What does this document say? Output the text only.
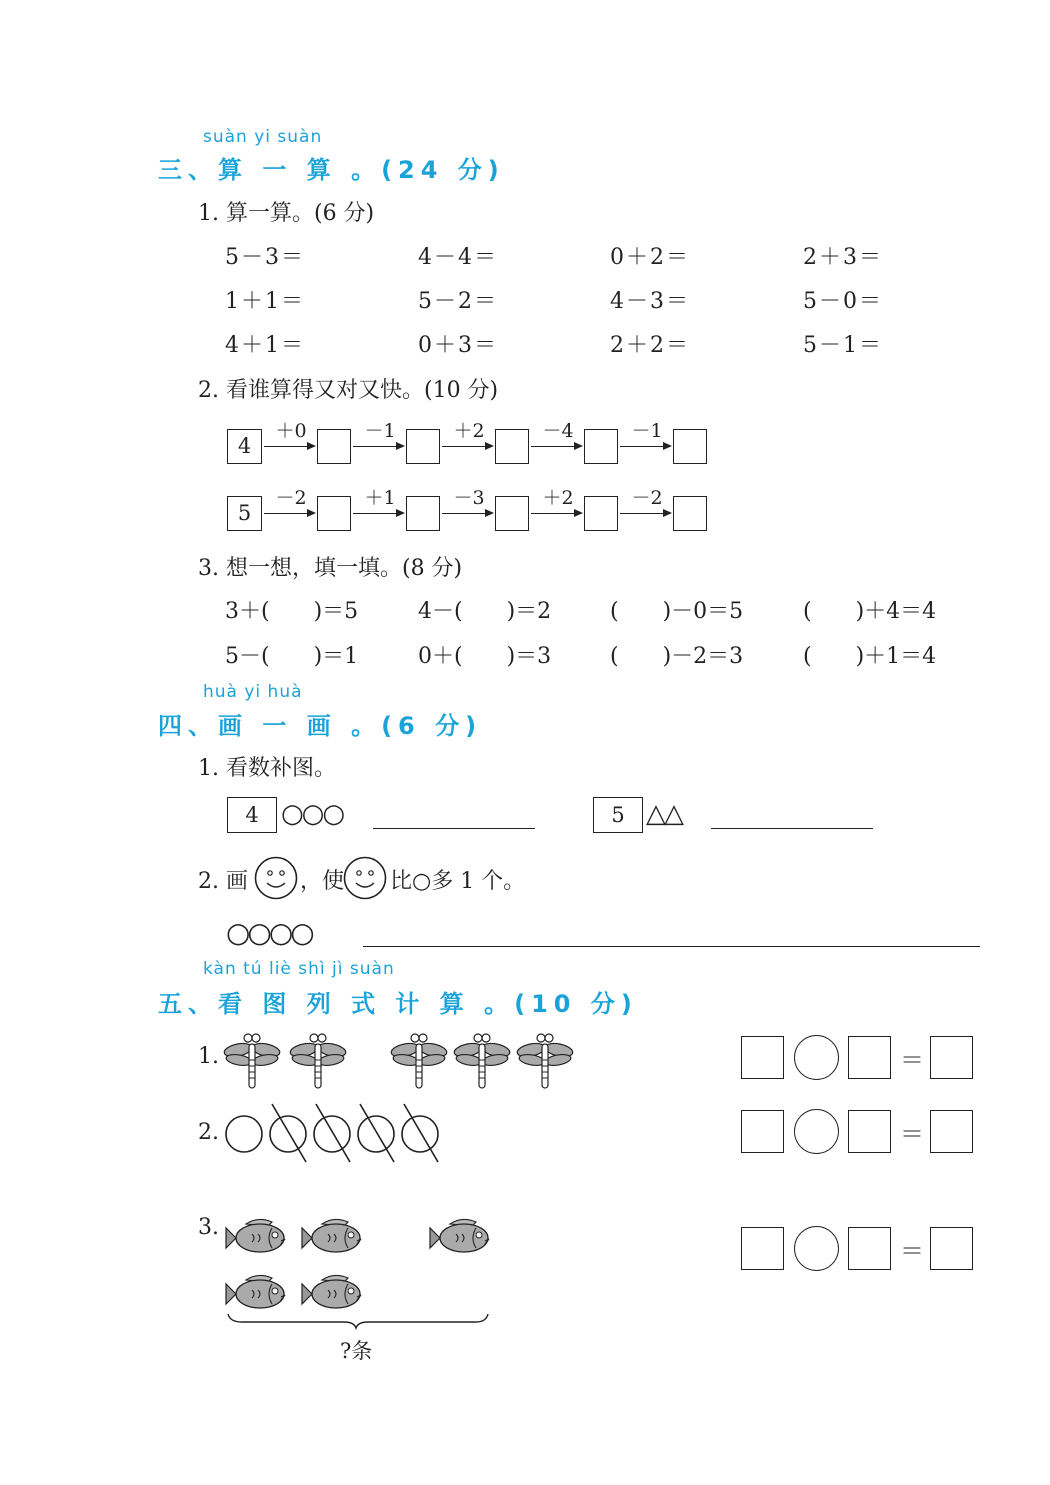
suàn yi suàn
三、算 一 算 。(24 分)
1. 算一算。(6 分)
5－3＝	4－4＝	0＋2＝	2＋3＝
1＋1＝	5－2＝	4－3＝	5－0＝
4＋1＝	0＋3＝	2＋2＝	5－1＝
2. 看谁算得又对又快。(10 分)
4
＋0	－1	＋2	－4	－1
5
－2	＋1	－3	＋2	－2
3. 想一想，填一填。(8 分)
3＋(　　)＝5	4－(　　)＝2	(　　)－0＝5	(　　)＋4＝4
5－(　　)＝1	0＋(　　)＝3	(　　)－2＝3	(　　)＋1＝4
huà yi huà
四、画 一 画 。(6 分)
1. 看数补图。
4 ○○○	5 △△
2. 画 ，使 比○多 1 个。
○○○○
kàn tú liè shì jì suàn
五、看 图 列 式 计 算 。(10 分)
1.
2.
3.
?条
＝
＝
＝
